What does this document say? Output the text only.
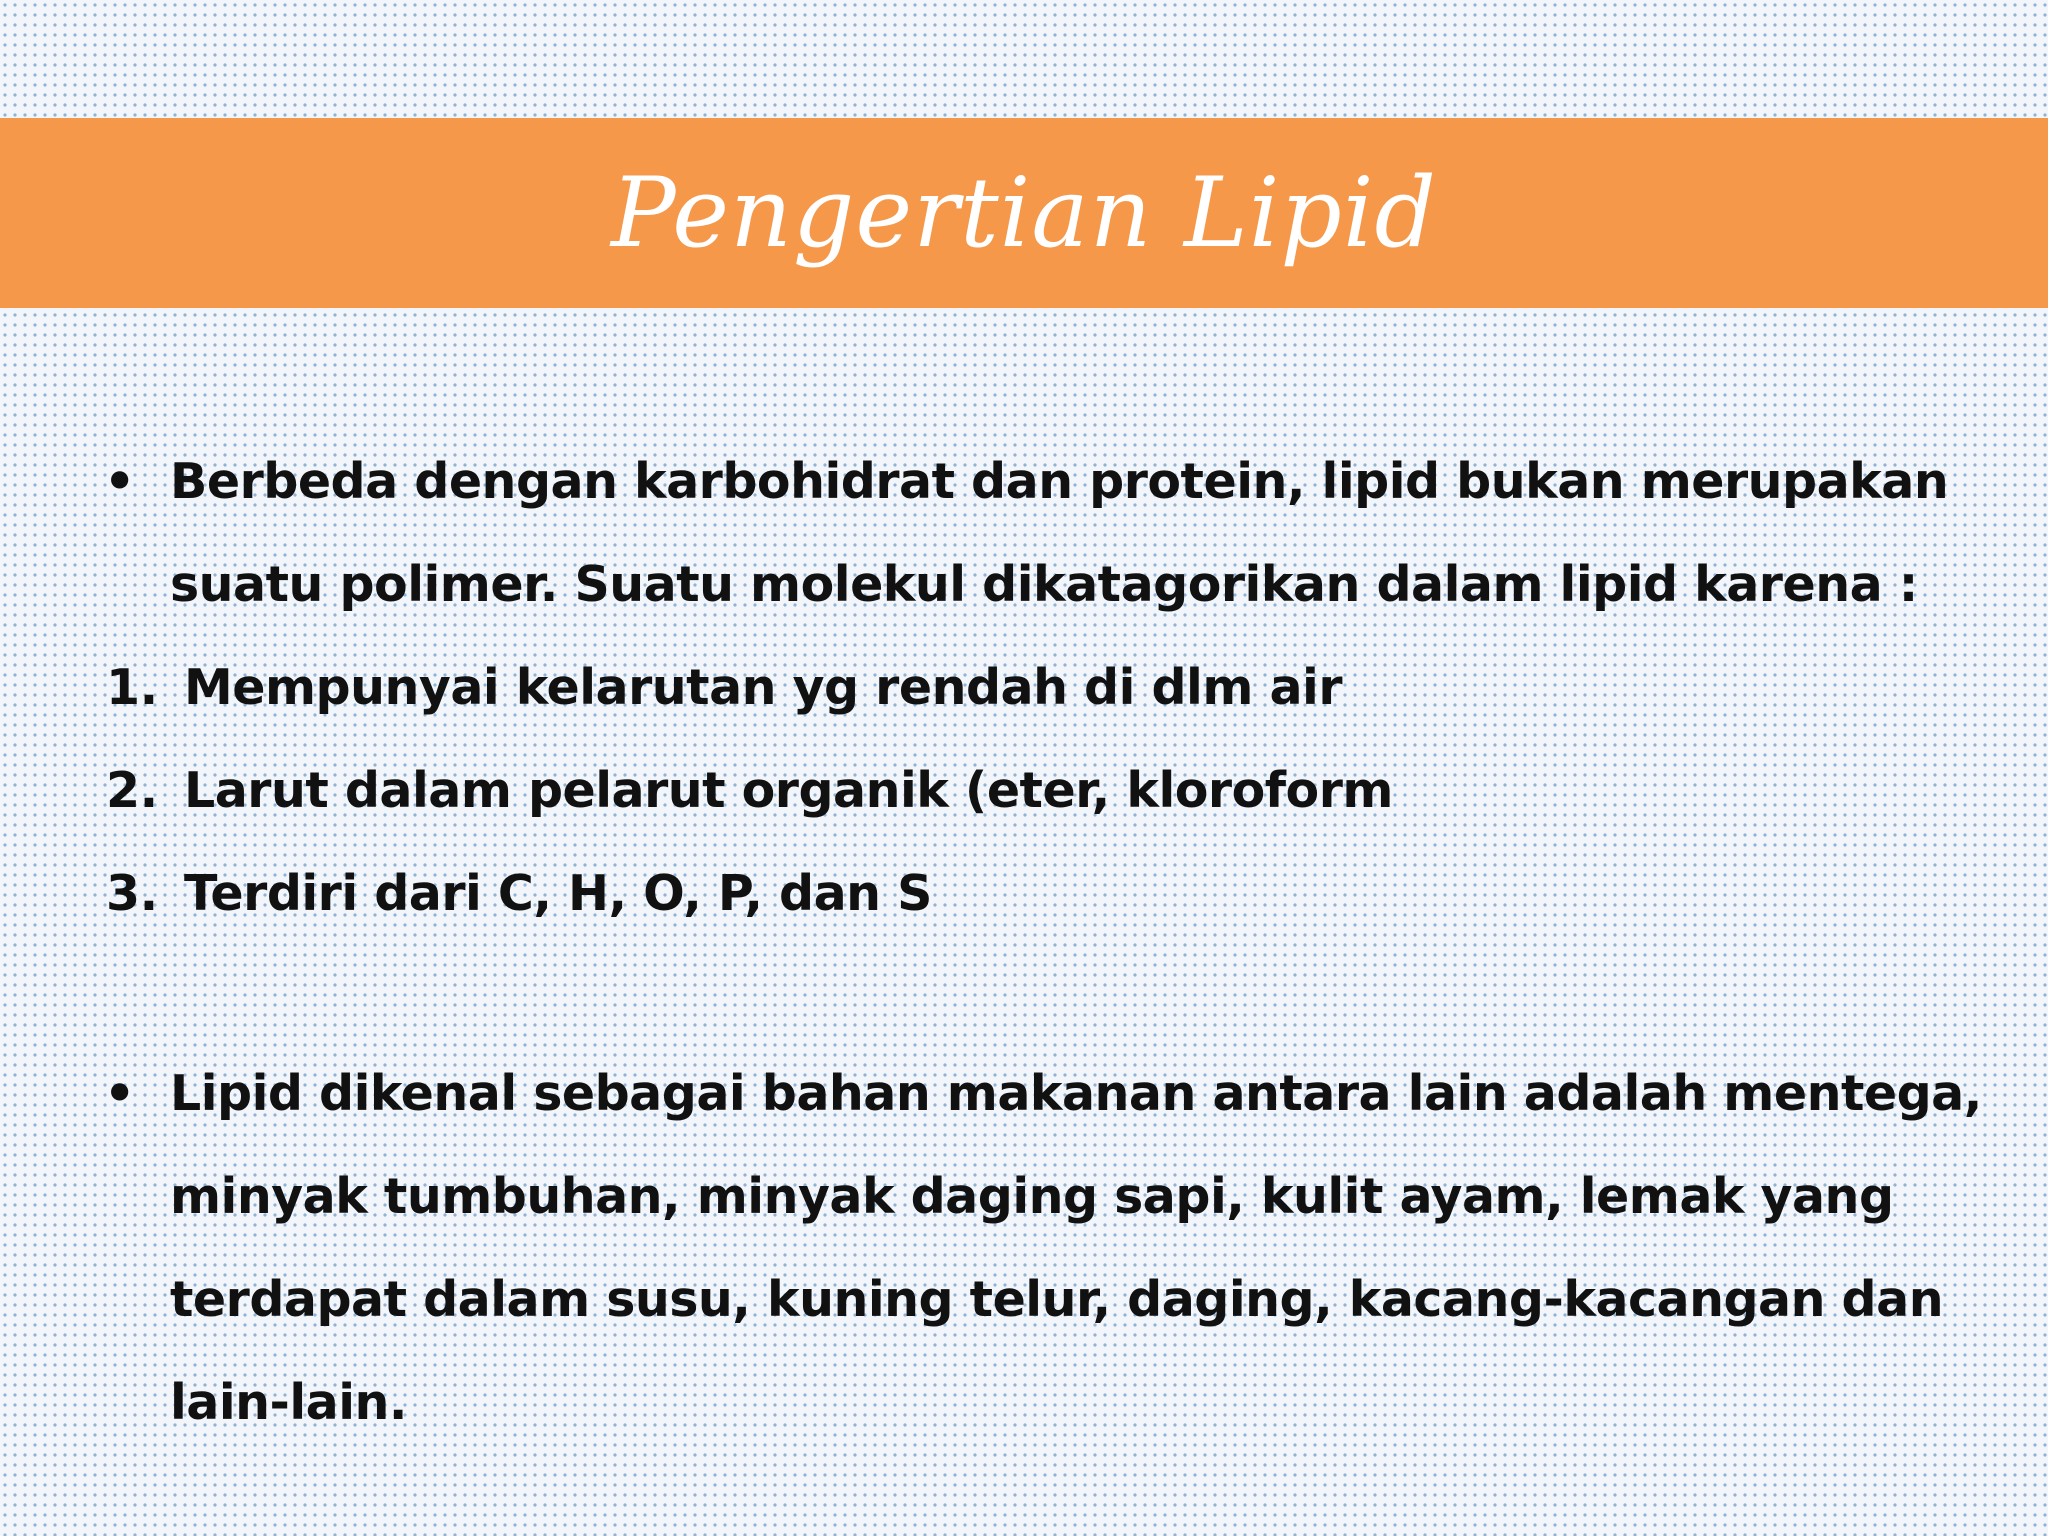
Pengertian Lipid
• Berbeda dengan karbohidrat dan protein, lipid bukan merupakan
suatu polimer. Suatu molekul dikatagorikan dalam lipid karena :
1. Mempunyai kelarutan yg rendah di dlm air
2. Larut dalam pelarut organik (eter, kloroform
3. Terdiri dari C, H, O, P, dan S
• Lipid dikenal sebagai bahan makanan antara lain adalah mentega,
minyak tumbuhan, minyak daging sapi, kulit ayam, lemak yang
terdapat dalam susu, kuning telur, daging, kacang-kacangan dan
lain-lain.
